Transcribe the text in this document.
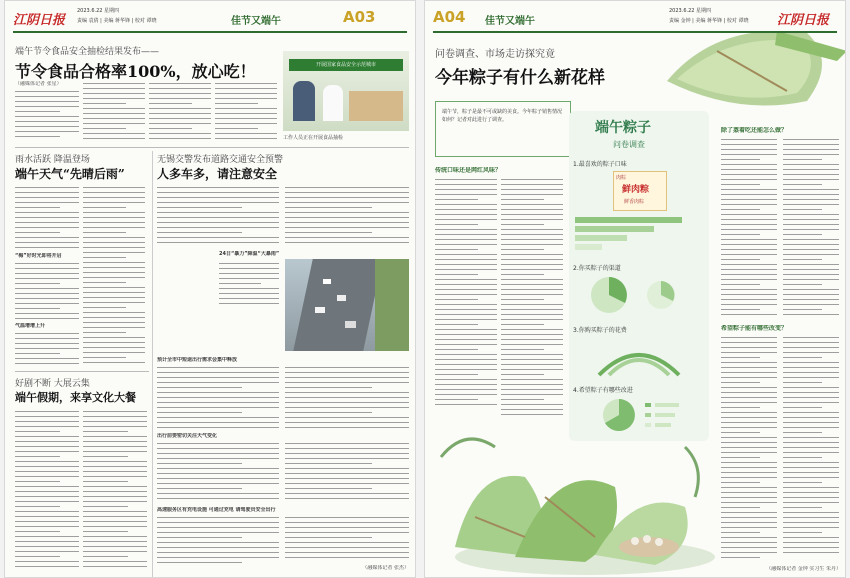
江阴日报
2023.6.22 星期四
责编 袁倩 | 美编 蒋华锋 | 校对 谭晓	佳节又端午	A03
端午节令食品安全抽检结果发布——
节令食品合格率100%，放心吃！
（融媒体记者 张星）
开展国家食品安全示范城市
工作人员正在开展食品抽检
雨水活跃 降温登场
端午天气“先晴后雨”
“梅”好时光即将开启
气温增增上升
无锡交警发布道路交通安全预警
人多车多，请注意安全
24日“暴力”降温“大暴雨”
预计全市中短途出行需求会集中释放
出行前要密切关注天气变化
高速服务区有充电设施 可通过充电 请驾驶员安全出行
（融媒体记者 张杰）
好剧不断 大展云集
端午假期，来享文化大餐
A04 佳节又端午
2023.6.22 星期四
责编 金钟 | 美编 蒋华锋 | 校对 谭晓 江阴日报
问卷调查、市场走访探究竟
今年粽子有什么新花样
端午节，粽子是最不可或缺的美食。今年粽子销售情况如何？记者对此进行了调查。
传统口味还是网红风味？
端午粽子
问卷调查
1.最喜欢的粽子口味
肉粽
鲜肉粽
鲜香肉粽
2.你买粽子的渠道
3.你购买粽子的花费
4.希望粽子有哪些改进
除了蒸着吃还能怎么做？
希望粽子能有哪些改变？
（融媒体记者 金钟 实习生 朱丹）
